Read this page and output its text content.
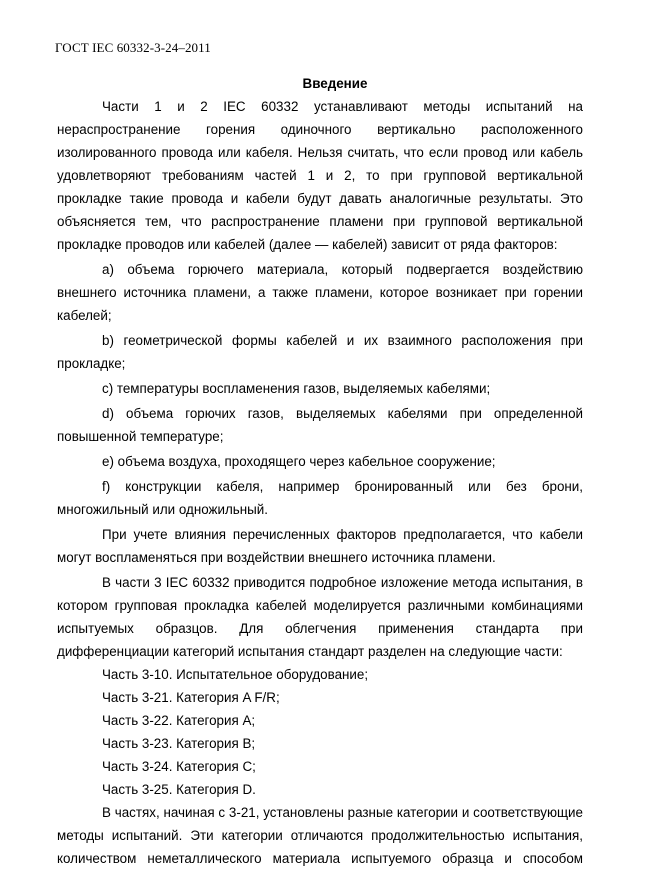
ГОСТ IEC 60332-3-24–2011

Введение

Части 1 и 2 IEC 60332 устанавливают методы испытаний на нераспространение горения одиночного вертикально расположенного изолированного провода или кабеля. Нельзя считать, что если провод или кабель удовлетворяют требованиям частей 1 и 2, то при групповой вертикальной прокладке такие провода и кабели будут давать аналогичные результаты. Это объясняется тем, что распространение пламени при групповой вертикальной прокладке проводов или кабелей (далее — кабелей) зависит от ряда факторов:

a) объема горючего материала, который подвергается воздействию внешнего источника пламени, а также пламени, которое возникает при горении кабелей;

b) геометрической формы кабелей и их взаимного расположения при прокладке;

c) температуры воспламенения газов, выделяемых кабелями;

d) объема горючих газов, выделяемых кабелями при определенной повышенной температуре;

e) объема воздуха, проходящего через кабельное сооружение;

f) конструкции кабеля, например бронированный или без брони, многожильный или одножильный.

При учете влияния перечисленных факторов предполагается, что кабели могут воспламеняться при воздействии внешнего источника пламени.

В части 3 IEC 60332 приводится подробное изложение метода испытания, в котором групповая прокладка кабелей моделируется различными комбинациями испытуемых образцов. Для облегчения применения стандарта при дифференциации категорий испытания стандарт разделен на следующие части:

Часть 3-10. Испытательное оборудование;

Часть 3-21. Категория A F/R;

Часть 3-22. Категория A;

Часть 3-23. Категория B;

Часть 3-24. Категория C;

Часть 3-25. Категория D.

В частях, начиная с 3-21, установлены разные категории и соответствующие методы испытаний. Эти категории отличаются продолжительностью испытания, количеством неметаллического материала испытуемого образца и способом
